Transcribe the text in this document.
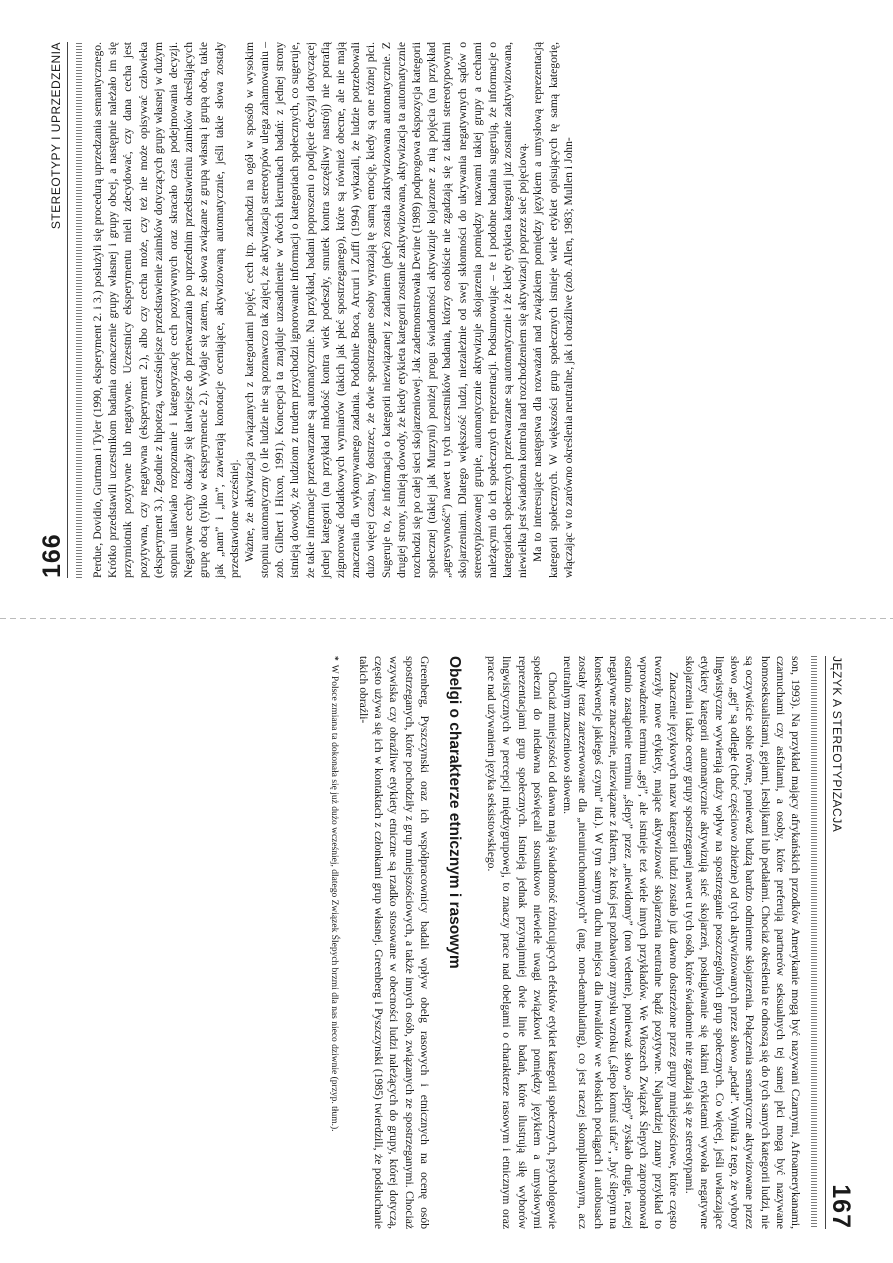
166
STEREOTYPY I UPRZEDZENIA Perdue, Dovidio, Gurtman i Tyler (1990, eksperyment 2. i 3.) posłużyli się procedurą uprzedzania semantycznego. Krótko przedstawili uczestnikom badania oznaczenie grupy własnej i grupy obcej, a następnie należało im się przymiotnik pozytywne lub negatywne. Uczestnicy eksperymentu mieli zdecydować, czy dana cecha jest pozytywna, czy negatywna (eksperyment 2.), albo czy cecha może, czy też nie może opisywać człowieka (eksperyment 3.). Zgodnie z hipotezą, wcześniejsze przedstawienie zaimków dotyczących grupy własnej w dużym stopniu ułatwiało rozpoznanie i kategoryzację cech pozytywnych oraz skracało czas podejmowania decyzji. Negatywne cechy okazały się łatwiejsze do przetwarzania po uprzednim przedstawieniu zaimków określających grupę obcą (tylko w eksperymencie 2.). Wydaje się zatem, że słowa związane z grupą własną i grupą obcą, takie jak „nam” i „im”, zawierają konotacje oceniające, aktywizowaną automatycznie, jeśli takie słowa zostały przedstawione wcześniej. Ważne, że aktywizacja związanych z kategoriami pojęć, cech itp. zachodzi na ogół w sposób w wysokim stopniu automatyczny (o ile ludzie nie są poznawczo tak zajęci, że aktywizacja stereotypów ulega zahamowaniu – zob. Gilbert i Hixon, 1991). Koncepcja ta znajduje uzasadnienie w dwóch kierunkach badań: z jednej strony istnieją dowody, że ludziom z trudem przychodzi ignorowanie informacji o kategoriach społecznych, co sugeruje, że takie informacje przetwarzane są automatycznie. Na przykład, badani poproszeni o podjęcie decyzji dotyczącej jednej kategorii (na przykład młodość kontra wiek podeszły, smutek kontra szczęśliwy nastrój) nie potrafią zignorować dodatkowych wymiarów (takich jak płeć spostrzeganego), które są również obecne, ale nie mają znaczenia dla wykonywanego zadania. Podobnie Boca, Arcuri i Zuffi (1994) wykazali, że ludzie potrzebowali dużo więcej czasu, by dostrzec, że dwie spostrzegane osoby wyrażają tę samą emocję, kiedy są one różnej płci. Sugeruje to, że informacja o kategorii niezwiązanej z zadaniem (płeć) została zaktywizowana automatycznie. Z drugiej strony, istnieją dowody, że kiedy etykieta kategorii zostanie zaktywizowana, aktywizacja ta automatycznie rozchodzi się po całej sieci skojarzeniowej. Jak zademonstrowała Devine (1989) podprogowa ekspozycja kategorii społecznej (takiej jak Murzyni) poniżej progu świadomości aktywizuje kojarzone z nią pojęcia (na przykład „agresywność”) nawet u tych uczestników badania, którzy osobiście nie zgadzają się z takimi stereotypowymi skojarzeniami. Dlatego większość ludzi, niezależnie od swej skłonności do ukrywania negatywnych sądów o stereotypizowanej grupie, automatycznie aktywizuje skojarzenia pomiędzy nazwami takiej grupy a cechami należącymi do ich społecznych reprezentacji. Podsumowując – te i podobne badania sugerują, że informacje o kategoriach społecznych przetwarzane są automatycznie i że kiedy etykieta kategorii już zostanie zaktywizowana, niewielka jest świadoma kontrola nad rozchodzeniem się aktywizacji poprzez sieć pojęciową. Ma to interesujące następstwa dla rozważań nad związkiem pomiędzy językiem a umysłową reprezentacją kategorii społecznych. W większości grup społecznych istnieje wiele etykiet opisujących tę samą kategorię, włączając w to zarówno określenia neutralne, jak i obraźliwe (zob. Allen, 1983; Mullen i John-

JĘZYK A STEREOTYPIZACJA
167

son, 1993). Na przykład mający afrykańskich przodków Amerykanie mogą być nazywani Czarnymi, Afroamerykanami, czarnuchami czy asfaltami, a osoby, które preferują partnerów seksualnych tej samej płci mogą być nazywane homoseksualistami, gejami, lesbijkami lub pedałami. Chociaż określenia te odnoszą się do tych samych kategorii ludzi, nie są oczywiście sobie równe, ponieważ budzą bardzo odmienne skojarzenia. Połączenia semantyczne aktywizowane przez słowo „gej” są odległe (choć częściowo zbieżne) od tych aktywizowanych przez słowo „pedał”. Wynika z tego, że wybory lingwistyczne wywierają duży wpływ na spostrzeganie poszczególnych grup społecznych. Co więcej, jeśli uwłaczające etykiety kategorii automatycznie aktywizują sieć skojarzeń, posługiwanie się takimi etykietami wywoła negatywne skojarzenia i także oceny grupy spostrzeganej nawet u tych osób, które świadomie nie zgadzają się ze stereotypami.

Znaczenie językowych nazw kategorii ludzi zostało już dawno dostrzeżone przez grupy mniejszościowe, które często tworzyły nowe etykiety, mające aktywizować skojarzenia neutralne bądź pozytywne. Najbardziej znany przykład to wprowadzenie terminu „gej”, ale istnieje też wiele innych przykładów. We Włoszech Związek Ślepych zaproponował ostatnio zastąpienie terminu „ślepy” przez „niewidomy” (non vedente), ponieważ słowo „ślepy” zyskało drugie, raczej negatywne znaczenie, niezwiązane z faktem, że ktoś jest pozbawiony zmysłu wzroku („ślepo komuś ufać”, „być ślepym na konsekwencje jakiegoś czynu” itd.). W tym samym duchu miejsca dla inwalidów we włoskich pociągach i autobusach zostały teraz zarezerwowane dla „nieuniruchomionych” (ang. non-deambulating), co jest raczej skomplikowanym, acz neutralnym znaczeniowo słowem.

Chociaż mniejszości od dawna mają świadomość różnicujących efektów etykiet kategorii społecznych, psychologowie społeczni do niedawna poświęcali stosunkowo niewiele uwagi związkowi pomiędzy językiem a umysłowymi reprezentacjami grup społecznych. Istnieją jednak przynajmniej dwie linie badań, które ilustrują siłę wyborów lingwistycznych w percepcji międzygrupowej, to znaczy prace nad obelgami o charakterze rasowym i etnicznym oraz prace nad używaniem języka seksistowskiego.

Obelgi o charakterze etnicznym i rasowym

Greenberg, Pyszczynski oraz ich współpracownicy badali wpływ obelg rasowych i etnicznych na ocenę osób spostrzeganych, które pochodziły z grup mniejszościowych, a także innych osób, związanych ze spostrzeganymi. Chociaż wzywiska czy obraźliwe etykiety etniczne są rzadko stosowane w obecności ludzi należących do grupy, której dotyczą, często używa się ich w kontaktach z członkami grup własnej. Greenberg i Pyszczynski (1985) twierdzili, że podsłuchanie takich obraźli-

*W Polsce zmiana ta dokonała się już dużo wcześniej, dlatego Związek Ślepych brzmi dla nas nieco dziwnie (przyp. tłum.).
